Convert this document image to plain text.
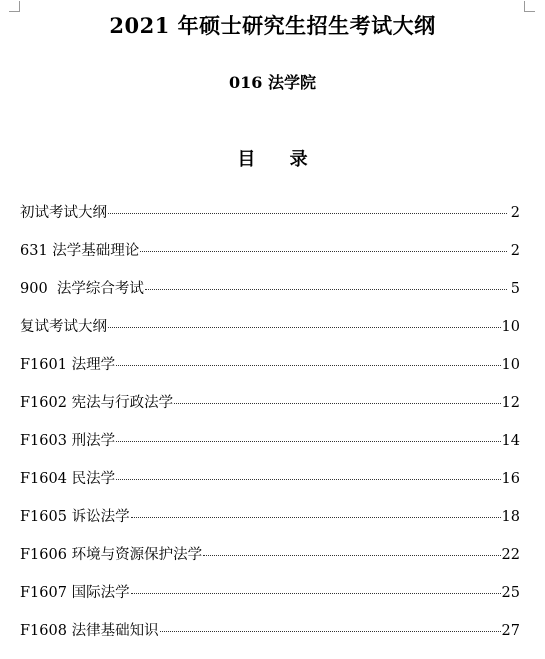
2021 年硕士研究生招生考试大纲
016 法学院
目 录
初试考试大纲	2
631 法学基础理论	2
900  法学综合考试	5
复试考试大纲	10
F1601 法理学	10
F1602 宪法与行政法学	12
F1603 刑法学	14
F1604 民法学	16
F1605 诉讼法学	18
F1606 环境与资源保护法学	22
F1607 国际法学	25
F1608 法律基础知识	27
